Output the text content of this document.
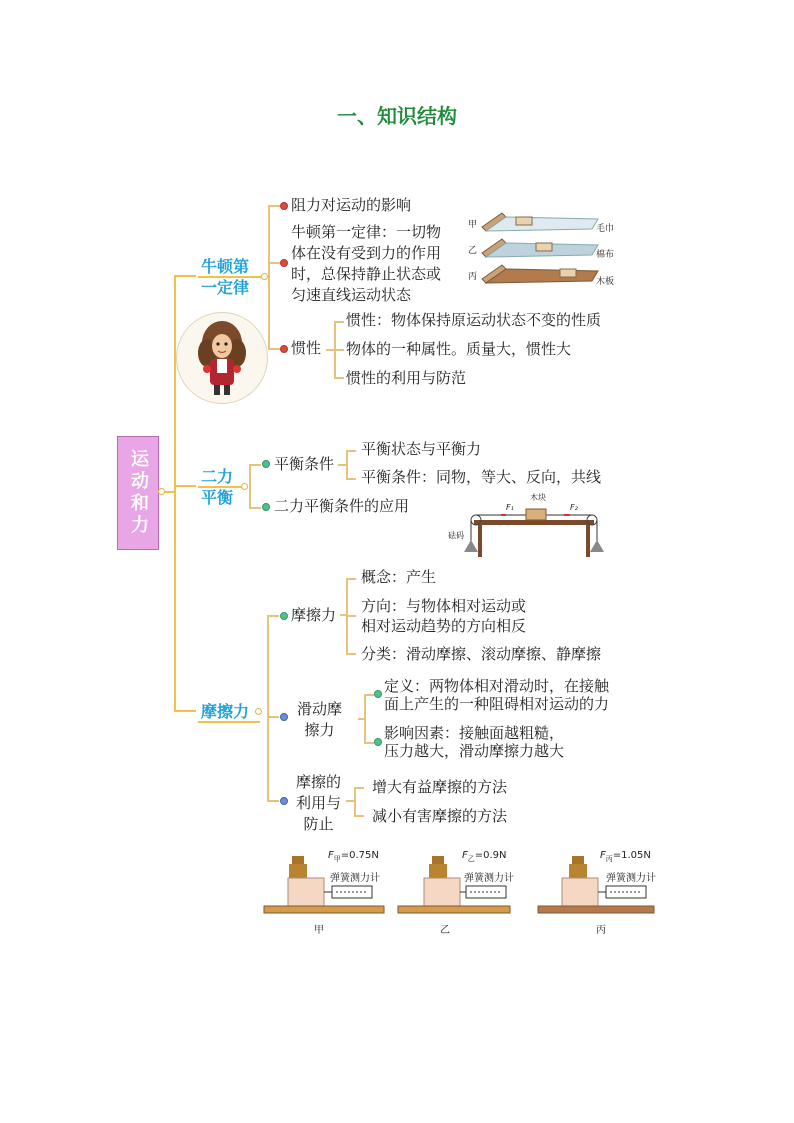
一、知识结构
运动和力
牛顿第一定律
阻力对运动的影响
牛顿第一定律：一切物
体在没有受到力的作用
时，总保持静止状态或
匀速直线运动状态
惯性
惯性：物体保持原运动状态不变的性质
物体的一种属性。质量大，惯性大
惯性的利用与防范
甲
乙
丙
毛巾
棉布
木板
二力平衡
平衡条件
平衡状态与平衡力
平衡条件：同物，等大、反向，共线
二力平衡条件的应用	木块
F₁	F₂
砝码
摩擦力
摩擦力
概念：产生
方向：与物体相对运动或
相对运动趋势的方向相反
分类：滑动摩擦、滚动摩擦、静摩擦
滑动摩
擦力
定义：两物体相对滑动时，在接触
面上产生的一种阻碍相对运动的力
影响因素：接触面越粗糙，
压力越大，滑动摩擦力越大
摩擦的
利用与
防止
增大有益摩擦的方法
减小有害摩擦的方法
$F_甲=0.75N$
弹簧测力计
甲
$F_乙=0.9N$
弹簧测力计
乙
$F_丙=1.05N$
弹簧测力计
丙
